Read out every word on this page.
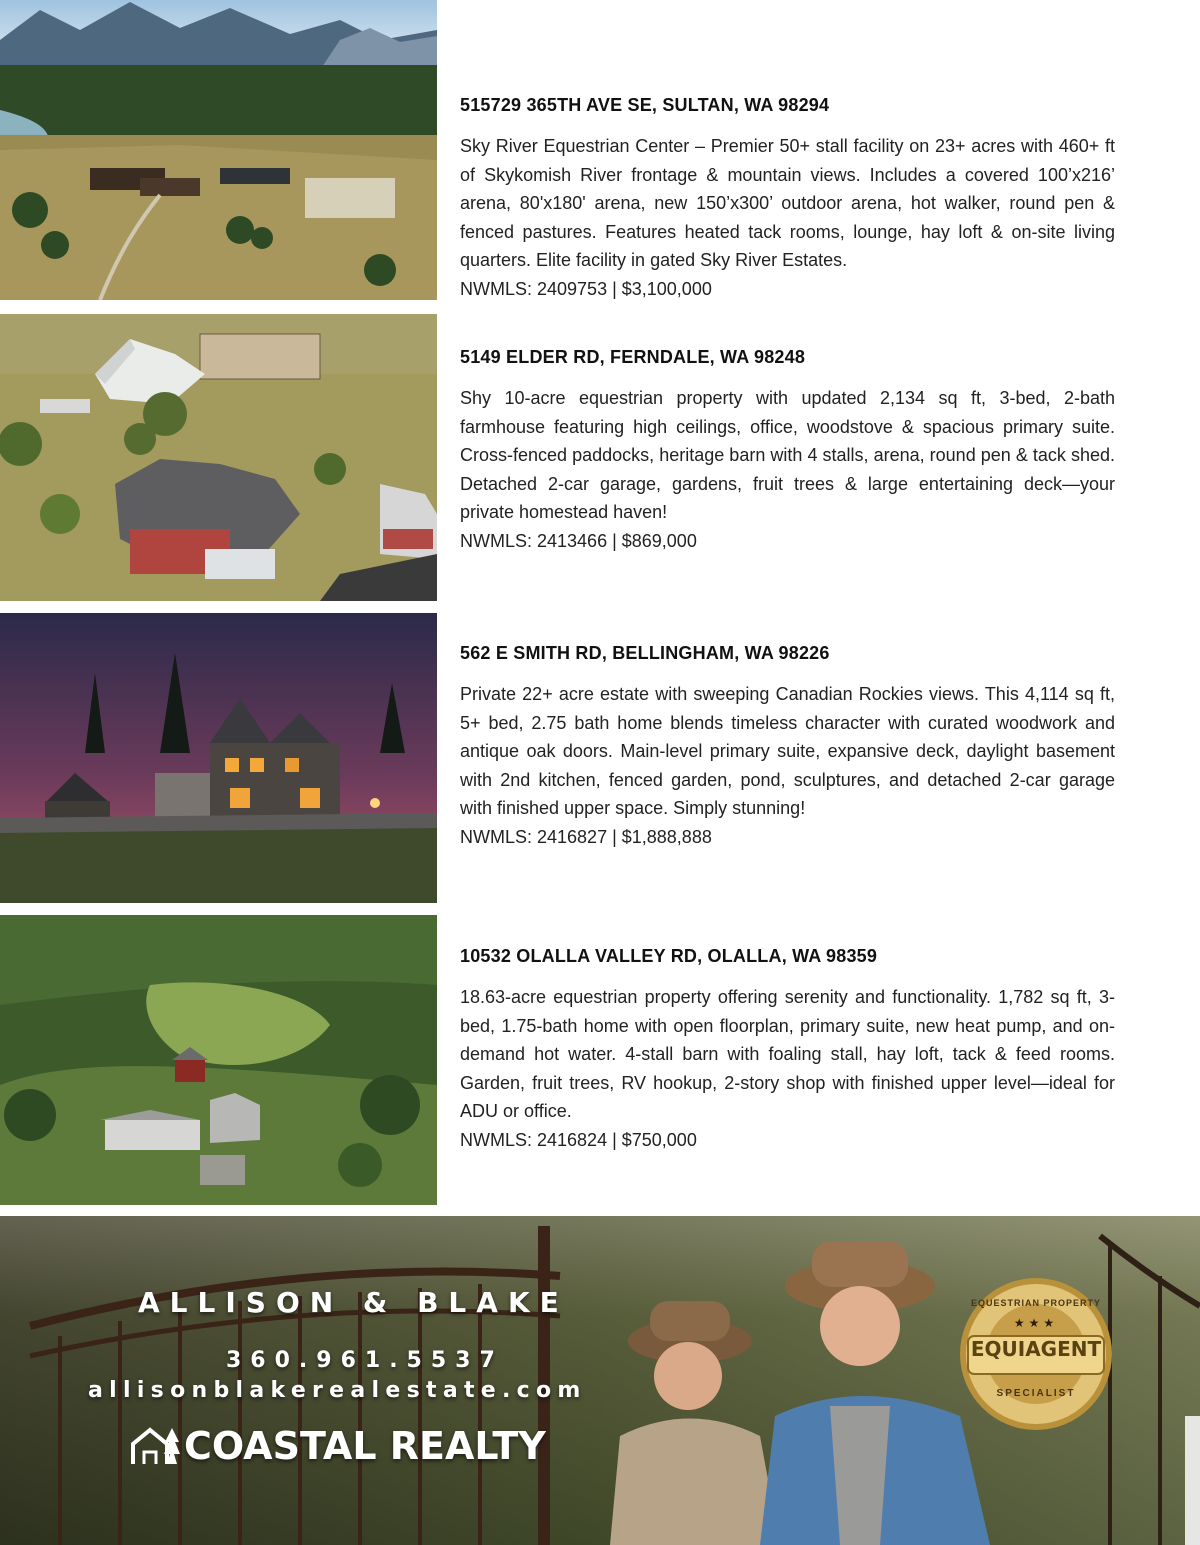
515729 365TH AVE SE, SULTAN, WA 98294

Sky River Equestrian Center – Premier 50+ stall facility on 23+ acres with 460+ ft of Skykomish River frontage & mountain views. Includes a covered 100’x216’ arena, 80'x180' arena, new 150’x300’ outdoor arena, hot walker, round pen & fenced pastures. Features heated tack rooms, lounge, hay loft & on-site living quarters. Elite facility in gated Sky River Estates.

NWMLS: 2409753 | $3,100,000

5149 ELDER RD, FERNDALE, WA 98248

Shy 10-acre equestrian property with updated 2,134 sq ft, 3-bed, 2-bath farmhouse featuring high ceilings, office, woodstove & spacious primary suite. Cross-fenced paddocks, heritage barn with 4 stalls, arena, round pen & tack shed. Detached 2-car garage, gardens, fruit trees & large entertaining deck—your private homestead haven!

NWMLS: 2413466 | $869,000

562 E SMITH RD, BELLINGHAM, WA 98226

Private 22+ acre estate with sweeping Canadian Rockies views. This 4,114 sq ft, 5+ bed, 2.75 bath home blends timeless character with curated woodwork and antique oak doors. Main-level primary suite, expansive deck, daylight basement with 2nd kitchen, fenced garden, pond, sculptures, and detached 2-car garage with finished upper space. Simply stunning!

NWMLS: 2416827 | $1,888,888

10532 OLALLA VALLEY RD, OLALLA, WA 98359

18.63-acre equestrian property offering serenity and functionality. 1,782 sq ft, 3-bed, 1.75-bath home with open floorplan, primary suite, new heat pump, and on-demand hot water. 4-stall barn with foaling stall, hay loft, tack & feed rooms. Garden, fruit trees, RV hookup, 2-story shop with finished upper level—ideal for ADU or office.

NWMLS: 2416824 | $750,000

ALLISON & BLAKE
360.961.5537
allisonblakerealestate.com
COASTAL REALTY
EQUESTRIAN PROPERTY
★★★
EQUIAGENT
SPECIALIST
